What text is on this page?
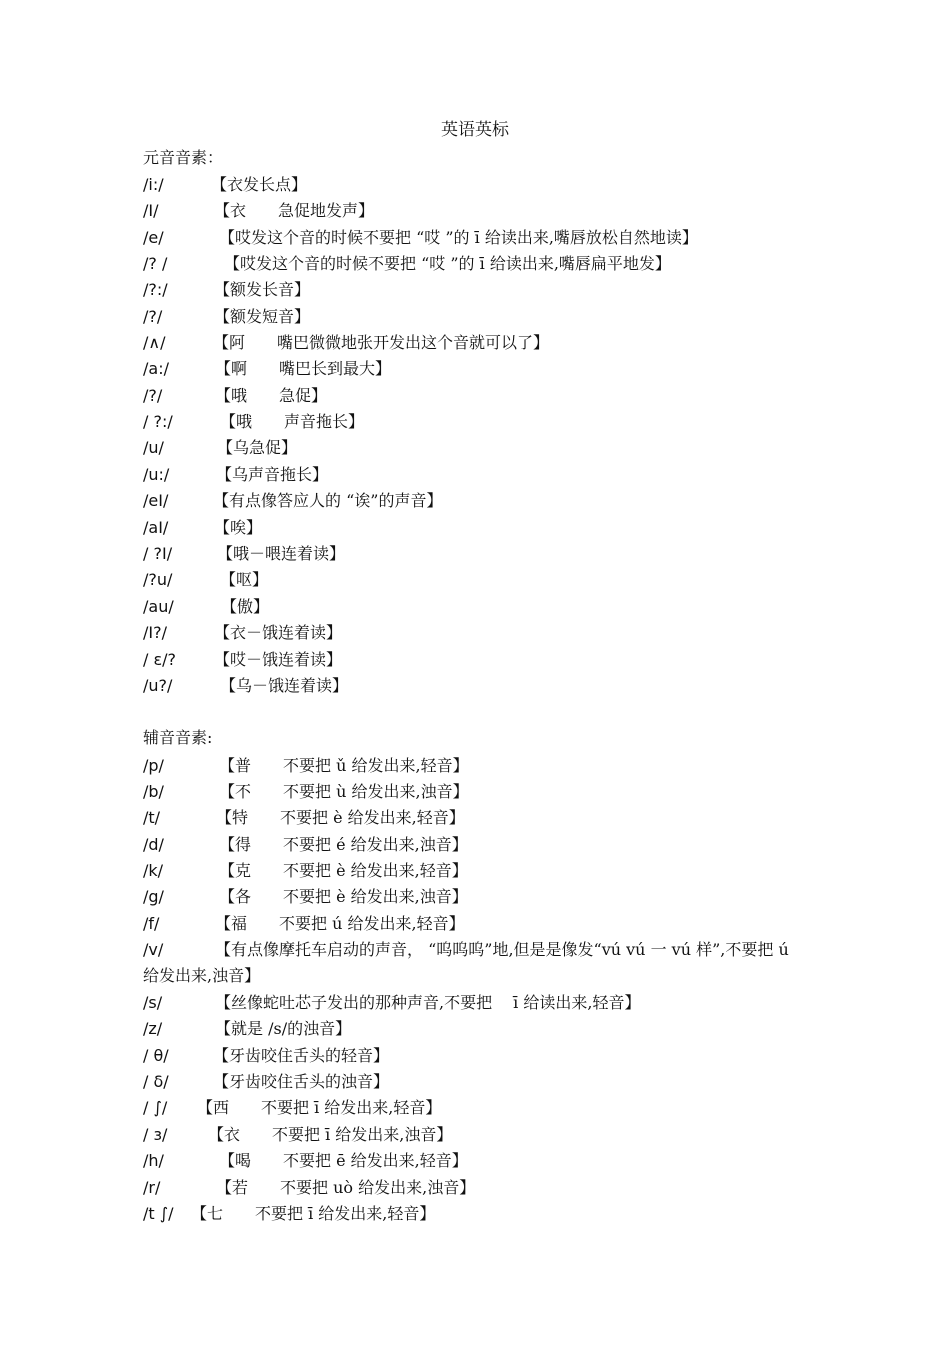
英语英标
元音音素：
/i:/	【衣发长点】
/I/	【衣　　急促地发声】
/e/	【哎发这个音的时候不要把 “哎 ”的 ī 给读出来,嘴唇放松自然地读】
/? /	【哎发这个音的时候不要把 “哎 ”的 ī 给读出来,嘴唇扁平地发】
/?:/	【额发长音】
/?/	【额发短音】
/∧/	【阿　　嘴巴微微地张开发出这个音就可以了】
/a:/	【啊　　嘴巴长到最大】
/?/	【哦　　急促】
/ ?:/	【哦　　声音拖长】
/u/	【乌急促】
/u:/	【乌声音拖长】
/eI/	【有点像答应人的 “诶”的声音】
/aI/	【唉】
/ ?I/	【哦－喂连着读】
/?u/	【呕】
/au/	【傲】
/I?/	【衣－饿连着读】
/ ε/? 【哎－饿连着读】
/u?/	【乌－饿连着读】
辅音音素:
/p/	【普　　不要把 ǔ 给发出来,轻音】
/b/	【不　　不要把 ù 给发出来,浊音】
/t/	【特　　不要把 è 给发出来,轻音】
/d/	【得　　不要把 é 给发出来,浊音】
/k/	【克　　不要把 è 给发出来,轻音】
/g/	【各　　不要把 è 给发出来,浊音】
/f/	【福　　不要把 ú 给发出来,轻音】
/v/	【有点像摩托车启动的声音， “呜呜呜”地,但是是像发“vú vú 一 vú 样”,不要把 ú 给发出来,浊音】
/s/	【丝像蛇吐芯子发出的那种声音,不要把　 ī 给读出来,轻音】
/z/	【就是 /s/的浊音】
/ θ/	【牙齿咬住舌头的轻音】
/ δ/	【牙齿咬住舌头的浊音】
/ ∫/ 【西　　不要把 ī 给发出来,轻音】
/ з/	【衣　　不要把 ī 给发出来,浊音】
/h/	【喝　　不要把 ē 给发出来,轻音】
/r/	【若　　不要把 uò 给发出来,浊音】
/t ∫/ 【七　　不要把 ī 给发出来,轻音】
